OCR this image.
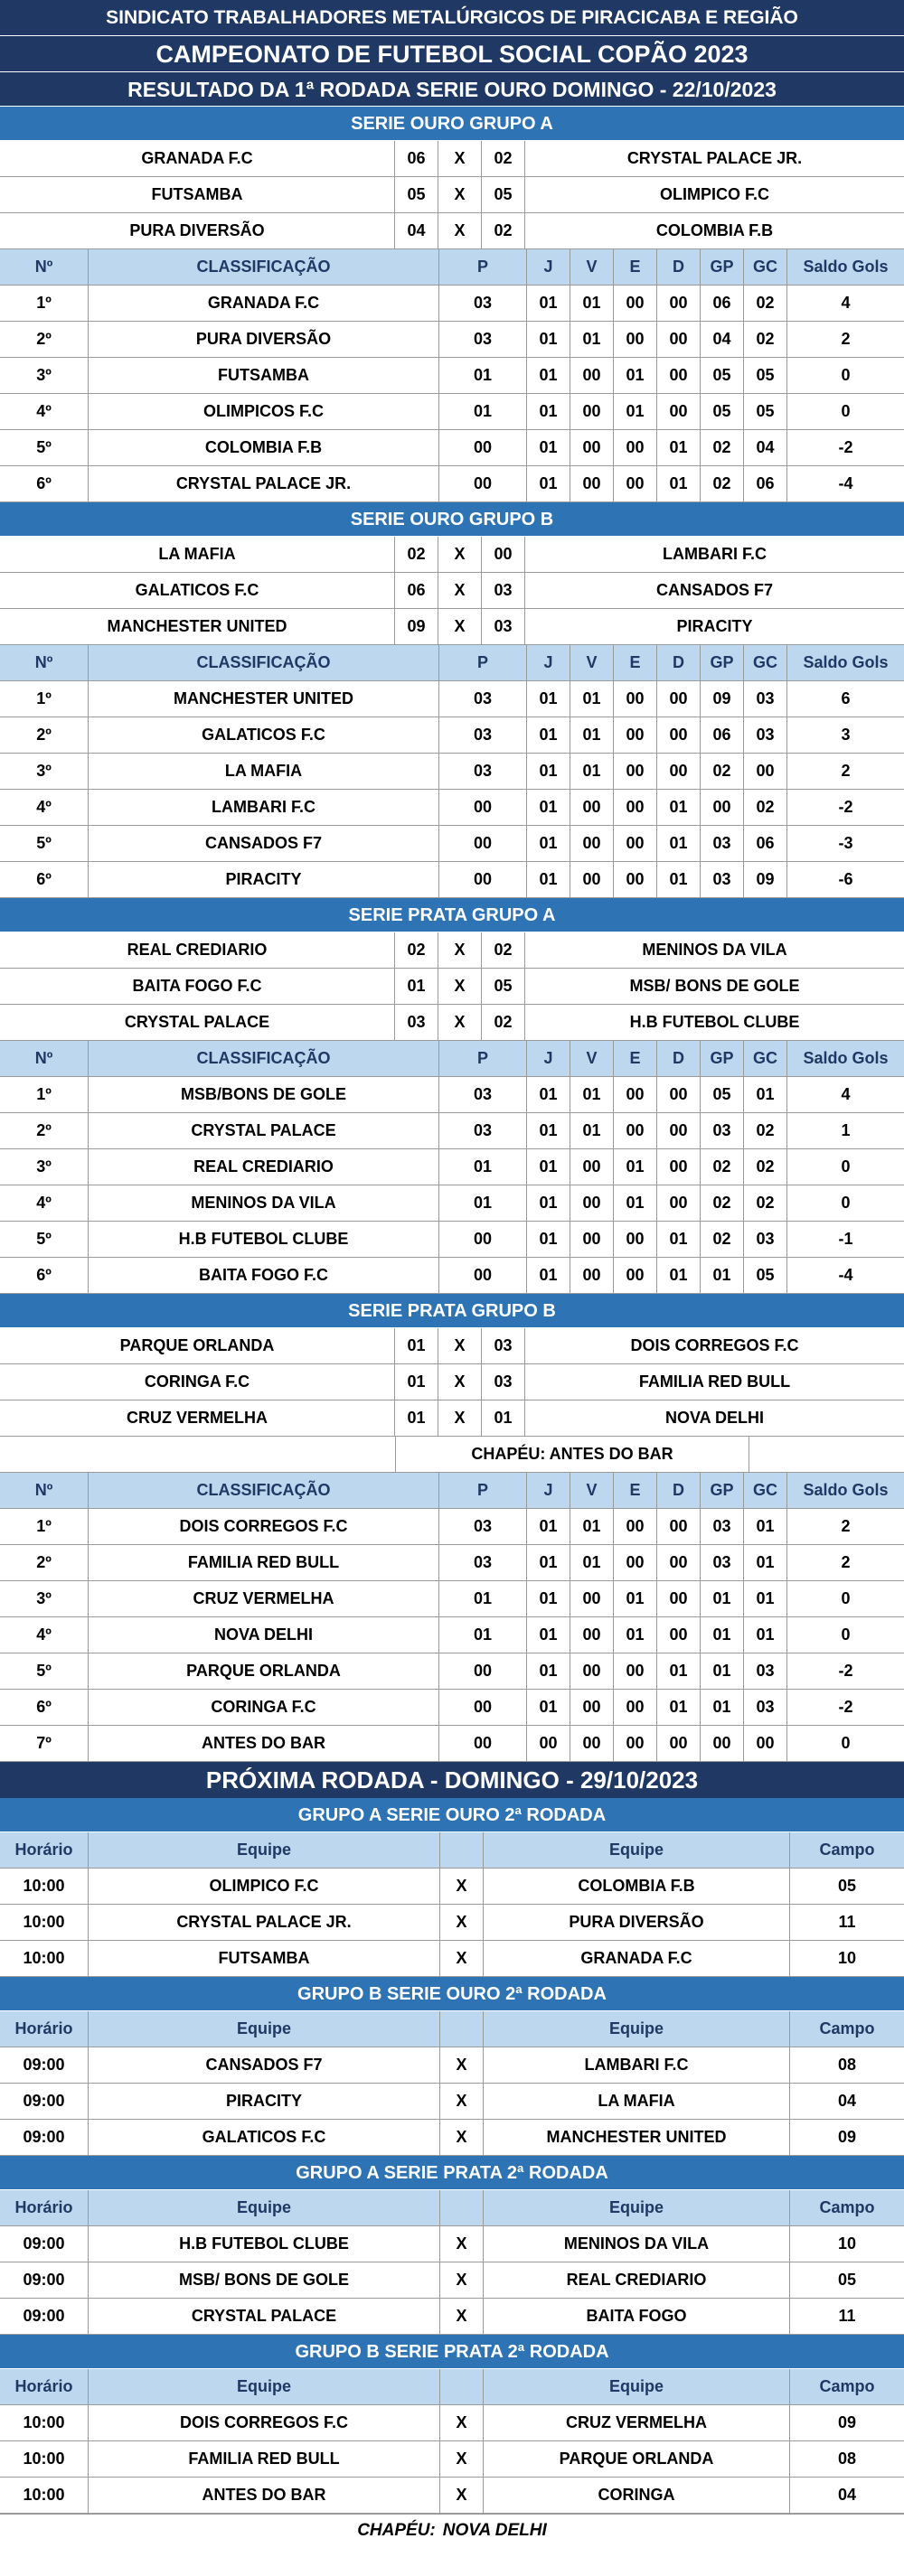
SINDICATO TRABALHADORES METALÚRGICOS DE PIRACICABA E REGIÃO
CAMPEONATO DE FUTEBOL SOCIAL COPÃO 2023
RESULTADO DA 1ª RODADA SERIE OURO DOMINGO - 22/10/2023
SERIE OURO GRUPO A
GRANADA F.C	06	X	02	CRYSTAL PALACE JR.
FUTSAMBA	05	X	05	OLIMPICO F.C
PURA DIVERSÃO	04	X	02	COLOMBIA F.B
Nº	CLASSIFICAÇÃO	P	J	V	E	D	GP	GC	Saldo Gols
1º	GRANADA F.C	03	01	01	00	00	06	02	4
2º	PURA DIVERSÃO	03	01	01	00	00	04	02	2
3º	FUTSAMBA	01	01	00	01	00	05	05	0
4º	OLIMPICOS F.C	01	01	00	01	00	05	05	0
5º	COLOMBIA F.B	00	01	00	00	01	02	04	-2
6º	CRYSTAL PALACE JR.	00	01	00	00	01	02	06	-4
SERIE OURO GRUPO B
LA MAFIA	02	X	00	LAMBARI F.C
GALATICOS F.C	06	X	03	CANSADOS F7
MANCHESTER UNITED	09	X	03	PIRACITY
Nº	CLASSIFICAÇÃO	P	J	V	E	D	GP	GC	Saldo Gols
1º	MANCHESTER UNITED	03	01	01	00	00	09	03	6
2º	GALATICOS F.C	03	01	01	00	00	06	03	3
3º	LA MAFIA	03	01	01	00	00	02	00	2
4º	LAMBARI F.C	00	01	00	00	01	00	02	-2
5º	CANSADOS F7	00	01	00	00	01	03	06	-3
6º	PIRACITY	00	01	00	00	01	03	09	-6
SERIE PRATA GRUPO A
REAL CREDIARIO	02	X	02	MENINOS DA VILA
BAITA FOGO F.C	01	X	05	MSB/ BONS DE GOLE
CRYSTAL PALACE	03	X	02	H.B FUTEBOL CLUBE
Nº	CLASSIFICAÇÃO	P	J	V	E	D	GP	GC	Saldo Gols
1º	MSB/BONS DE GOLE	03	01	01	00	00	05	01	4
2º	CRYSTAL PALACE	03	01	01	00	00	03	02	1
3º	REAL CREDIARIO	01	01	00	01	00	02	02	0
4º	MENINOS DA VILA	01	01	00	01	00	02	02	0
5º	H.B FUTEBOL CLUBE	00	01	00	00	01	02	03	-1
6º	BAITA FOGO F.C	00	01	00	00	01	01	05	-4
SERIE PRATA GRUPO B
PARQUE ORLANDA	01	X	03	DOIS CORREGOS F.C
CORINGA F.C	01	X	03	FAMILIA RED BULL
CRUZ VERMELHA	01	X	01	NOVA DELHI
CHAPÉU: ANTES DO BAR
Nº	CLASSIFICAÇÃO	P	J	V	E	D	GP	GC	Saldo Gols
1º	DOIS CORREGOS F.C	03	01	01	00	00	03	01	2
2º	FAMILIA RED BULL	03	01	01	00	00	03	01	2
3º	CRUZ VERMELHA	01	01	00	01	00	01	01	0
4º	NOVA DELHI	01	01	00	01	00	01	01	0
5º	PARQUE ORLANDA	00	01	00	00	01	01	03	-2
6º	CORINGA F.C	00	01	00	00	01	01	03	-2
7º	ANTES DO BAR	00	00	00	00	00	00	00	0
PRÓXIMA RODADA - DOMINGO - 29/10/2023
GRUPO A SERIE OURO 2ª RODADA
Horário	Equipe	Equipe	Campo
10:00	OLIMPICO F.C	X	COLOMBIA F.B	05
10:00	CRYSTAL PALACE JR.	X	PURA DIVERSÃO	11
10:00	FUTSAMBA	X	GRANADA F.C	10
GRUPO B SERIE OURO 2ª RODADA
Horário	Equipe	Equipe	Campo
09:00	CANSADOS F7	X	LAMBARI F.C	08
09:00	PIRACITY	X	LA MAFIA	04
09:00	GALATICOS F.C	X	MANCHESTER UNITED	09
GRUPO A SERIE PRATA 2ª RODADA
Horário	Equipe	Equipe	Campo
09:00	H.B FUTEBOL CLUBE	X	MENINOS DA VILA	10
09:00	MSB/ BONS DE GOLE	X	REAL CREDIARIO	05
09:00	CRYSTAL PALACE	X	BAITA FOGO	11
GRUPO B SERIE PRATA 2ª RODADA
Horário	Equipe	Equipe	Campo
10:00	DOIS CORREGOS F.C	X	CRUZ VERMELHA	09
10:00	FAMILIA RED BULL	X	PARQUE ORLANDA	08
10:00	ANTES DO BAR	X	CORINGA	04
CHAPÉU: NOVA DELHI
